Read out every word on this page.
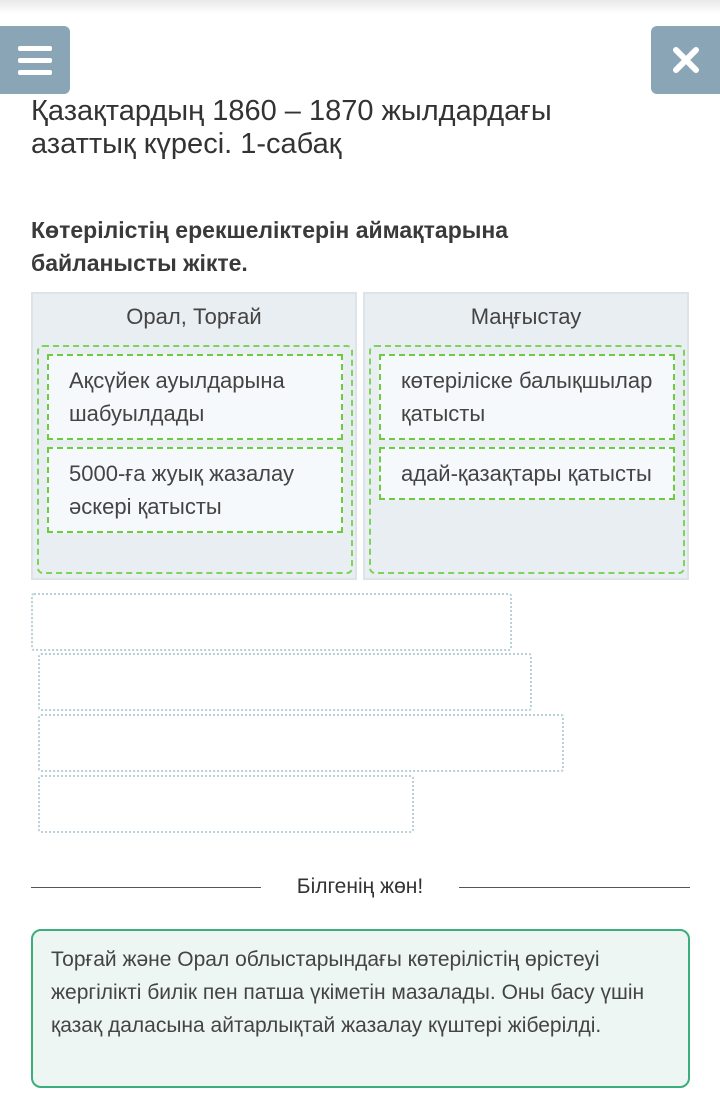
Қазақтардың 1860 – 1870 жылдардағы
азаттық күресі. 1-сабақ
Көтерілістің ерекшеліктерін аймақтарына
байланысты жікте.
Орал, Торғай
Ақсүйек ауылдарына шабуылдады
5000-ға жуық жазалау әскері қатысты
Маңғыстау
көтеріліске балықшылар қатысты
адай-қазақтары қатысты
Білгенің жөн!

Торғай және Орал облыстарындағы көтерілістің өрістеуі жергілікті билік пен патша үкіметін мазалады. Оны басу үшін қазақ даласына айтарлықтай жазалау күштері жіберілді.
